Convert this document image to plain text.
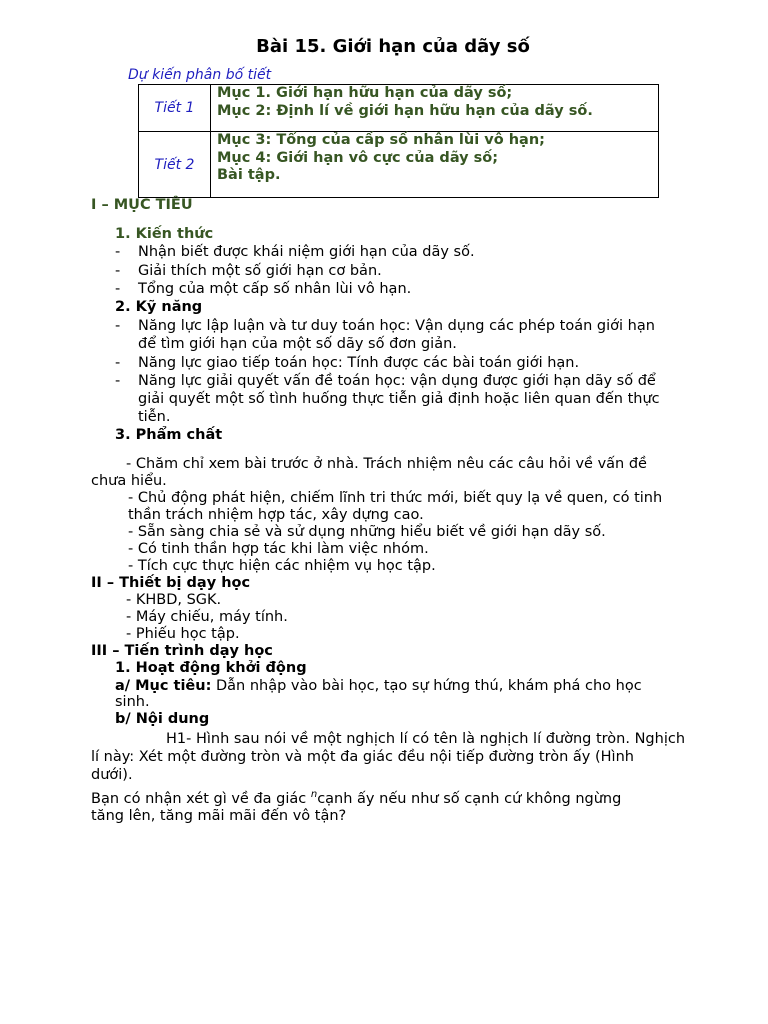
Bài 15. Giới hạn của dãy số
Dự kiến phân bố tiết
Tiết 1	Mục 1. Giới hạn hữu hạn của dãy số;
Mục 2: Định lí về giới hạn hữu hạn của dãy số.

Tiết 2	Mục 3: Tổng của cấp số nhân lùi vô hạn;
Mục 4: Giới hạn vô cực của dãy số;
Bài tập.
I – MỤC TIÊU
1. Kiến thức
- Nhận biết được khái niệm giới hạn của dãy số.
- Giải thích một số giới hạn cơ bản.
- Tổng của một cấp số nhân lùi vô hạn.
2. Kỹ năng
- Năng lực lập luận và tư duy toán học: Vận dụng các phép toán giới hạn
để tìm giới hạn của một số dãy số đơn giản.
- Năng lực giao tiếp toán học: Tính được các bài toán giới hạn.
- Năng lực giải quyết vấn đề toán học: vận dụng được giới hạn dãy số để
giải quyết một số tình huống thực tiễn giả định hoặc liên quan đến thực
tiễn.
3. Phẩm chất
- Chăm chỉ xem bài trước ở nhà. Trách nhiệm nêu các câu hỏi về vấn đề
chưa hiểu.
- Chủ động phát hiện, chiếm lĩnh tri thức mới, biết quy lạ về quen, có tinh
thần trách nhiệm hợp tác, xây dựng cao.
- Sẵn sàng chia sẻ và sử dụng những hiểu biết về giới hạn dãy số.
- Có tinh thần hợp tác khi làm việc nhóm.
- Tích cực thực hiện các nhiệm vụ học tập.
II – Thiết bị dạy học
- KHBD, SGK.
- Máy chiếu, máy tính.
- Phiếu học tập.
III – Tiến trình dạy học
1. Hoạt động khởi động
a/ Mục tiêu: Dẫn nhập vào bài học, tạo sự hứng thú, khám phá cho học
sinh.
b/ Nội dung
H1- Hình sau nói về một nghịch lí có tên là nghịch lí đường tròn. Nghịch
lí này: Xét một đường tròn và một đa giác đều nội tiếp đường tròn ấy (Hình
dưới).
Bạn có nhận xét gì về đa giác $^n$cạnh ấy nếu như số cạnh cứ không ngừng
tăng lên, tăng mãi mãi đến vô tận?
